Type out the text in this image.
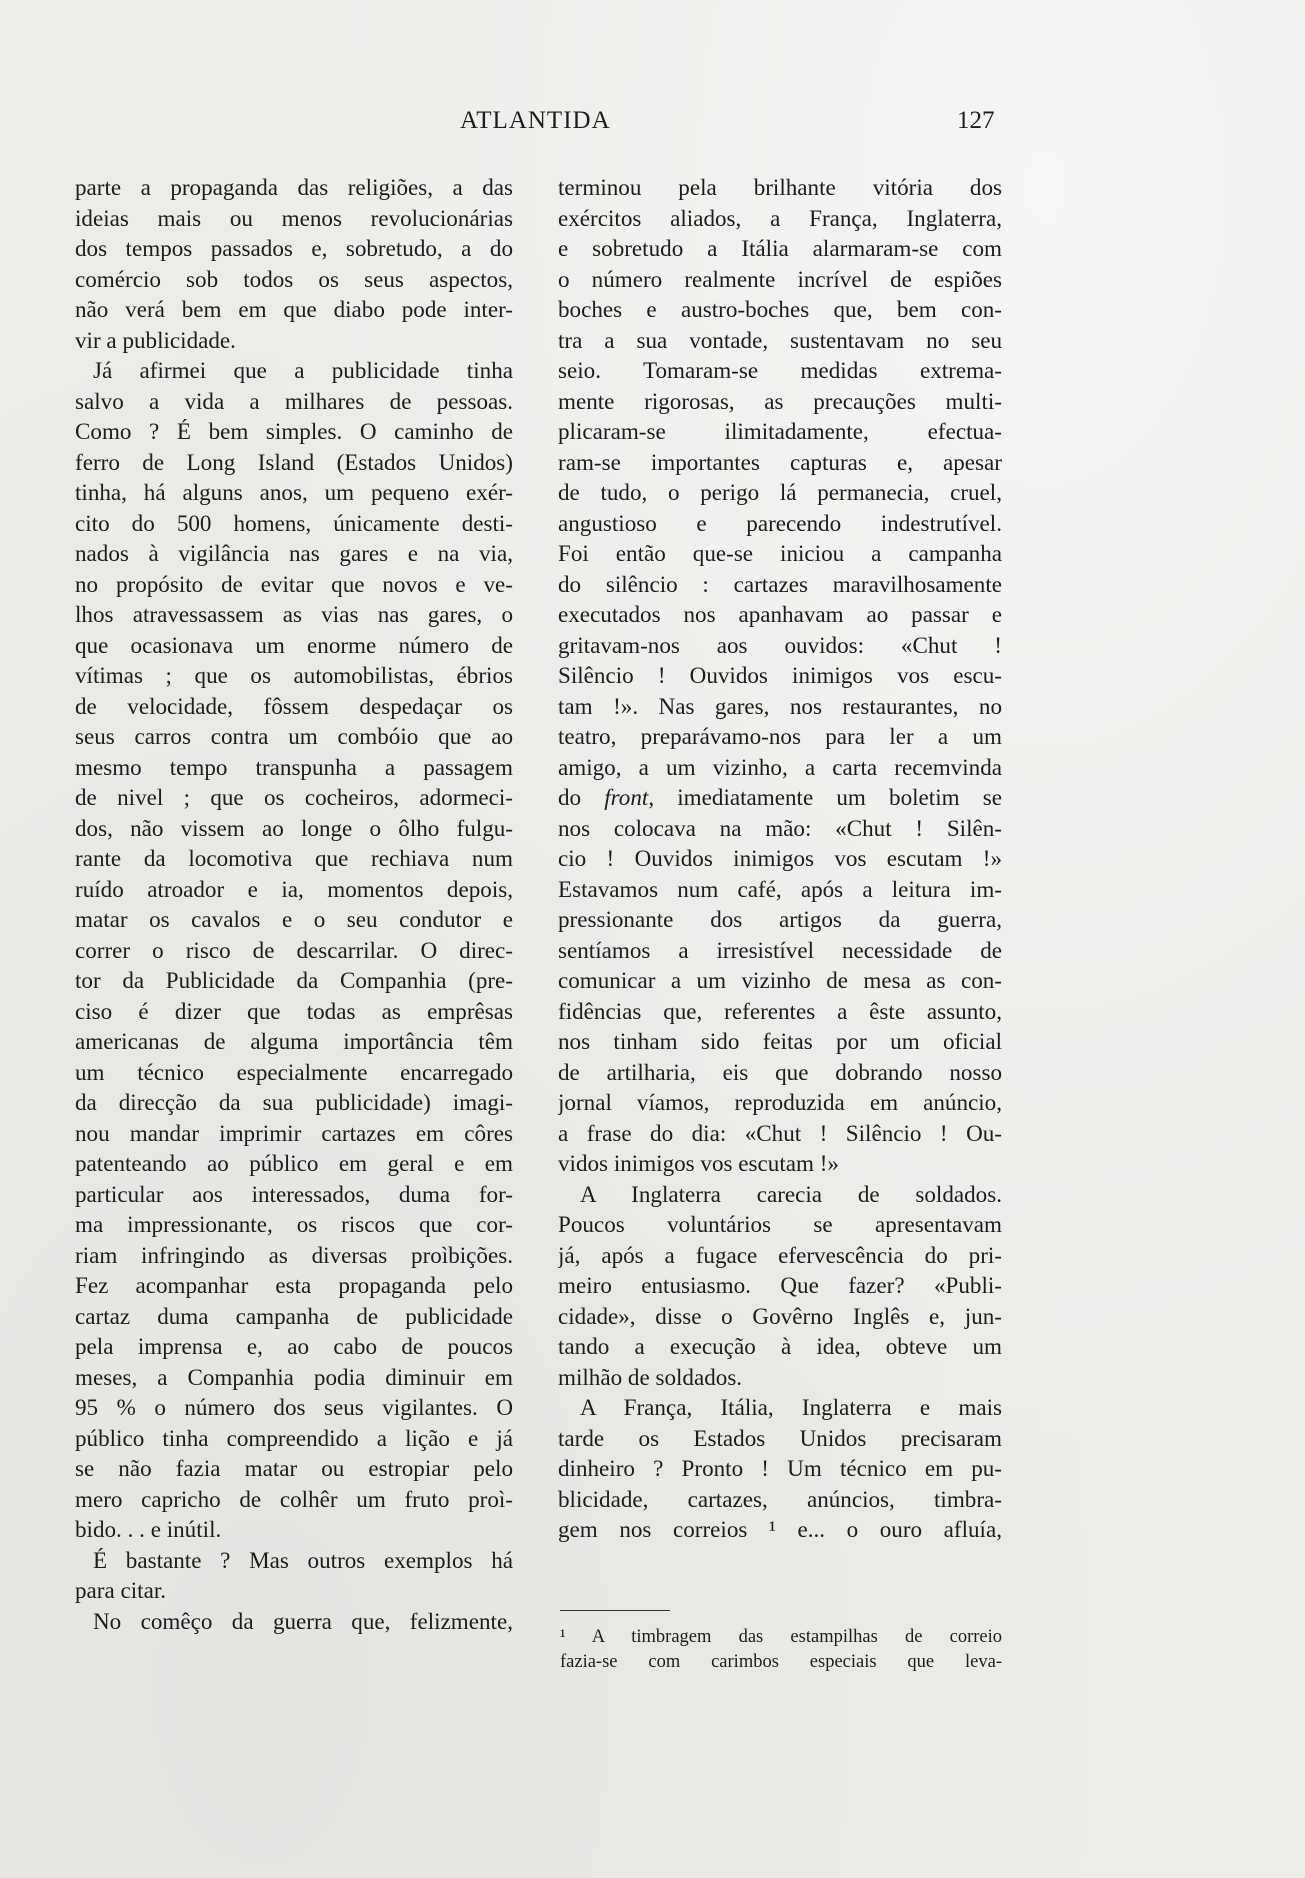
ATLANTIDA	127
parte a propaganda das religiões, a das
ideias mais ou menos revolucionárias
dos tempos passados e, sobretudo, a do
comércio sob todos os seus aspectos,
não verá bem em que diabo pode inter-
vir a publicidade.
Já afirmei que a publicidade tinha
salvo a vida a milhares de pessoas.
Como ? É bem simples. O caminho de
ferro de Long Island (Estados Unidos)
tinha, há alguns anos, um pequeno exér-
cito do 500 homens, únicamente desti-
nados à vigilância nas gares e na via,
no propósito de evitar que novos e ve-
lhos atravessassem as vias nas gares, o
que ocasionava um enorme número de
vítimas ; que os automobilistas, ébrios
de velocidade, fôssem despedaçar os
seus carros contra um combóio que ao
mesmo tempo transpunha a passagem
de nivel ; que os cocheiros, adormeci-
dos, não vissem ao longe o ôlho fulgu-
rante da locomotiva que rechiava num
ruído atroador e ia, momentos depois,
matar os cavalos e o seu condutor e
correr o risco de descarrilar. O direc-
tor da Publicidade da Companhia (pre-
ciso é dizer que todas as emprêsas
americanas de alguma importância têm
um técnico especialmente encarregado
da direcção da sua publicidade) imagi-
nou mandar imprimir cartazes em côres
patenteando ao público em geral e em
particular aos interessados, duma for-
ma impressionante, os riscos que cor-
riam infringindo as diversas proìbições.
Fez acompanhar esta propaganda pelo
cartaz duma campanha de publicidade
pela imprensa e, ao cabo de poucos
meses, a Companhia podia diminuir em
95 % o número dos seus vigilantes. O
público tinha compreendido a lição e já
se não fazia matar ou estropiar pelo
mero capricho de colhêr um fruto proì-
bido. . . e inútil.
É bastante ? Mas outros exemplos há
para citar.
No comêço da guerra que, felizmente,
terminou pela brilhante vitória dos
exércitos aliados, a França, Inglaterra,
e sobretudo a Itália alarmaram-se com
o número realmente incrível de espiões
boches e austro-boches que, bem con-
tra a sua vontade, sustentavam no seu
seio. Tomaram-se medidas extrema-
mente rigorosas, as precauções multi-
plicaram-se ilimitadamente, efectua-
ram-se importantes capturas e, apesar
de tudo, o perigo lá permanecia, cruel,
angustioso e parecendo indestrutível.
Foi então que-se iniciou a campanha
do silêncio : cartazes maravilhosamente
executados nos apanhavam ao passar e
gritavam-nos aos ouvidos: «Chut !
Silêncio ! Ouvidos inimigos vos escu-
tam !». Nas gares, nos restaurantes, no
teatro, preparávamo-nos para ler a um
amigo, a um vizinho, a carta recemvinda
do front, imediatamente um boletim se
nos colocava na mão: «Chut ! Silên-
cio ! Ouvidos inimigos vos escutam !»
Estavamos num café, após a leitura im-
pressionante dos artigos da guerra,
sentíamos a irresistível necessidade de
comunicar a um vizinho de mesa as con-
fidências que, referentes a êste assunto,
nos tinham sido feitas por um oficial
de artilharia, eis que dobrando nosso
jornal víamos, reproduzida em anúncio,
a frase do dia: «Chut ! Silêncio ! Ou-
vidos inimigos vos escutam !»
A Inglaterra carecia de soldados.
Poucos voluntários se apresentavam
já, após a fugace efervescência do pri-
meiro entusiasmo. Que fazer? «Publi-
cidade», disse o Govêrno Inglês e, jun-
tando a execução à idea, obteve um
milhão de soldados.
A França, Itália, Inglaterra e mais
tarde os Estados Unidos precisaram
dinheiro ? Pronto ! Um técnico em pu-
blicidade, cartazes, anúncios, timbra-
gem nos correios ¹ e... o ouro afluía,
¹ A timbragem das estampilhas de correio
fazia-se com carimbos especiais que leva-
